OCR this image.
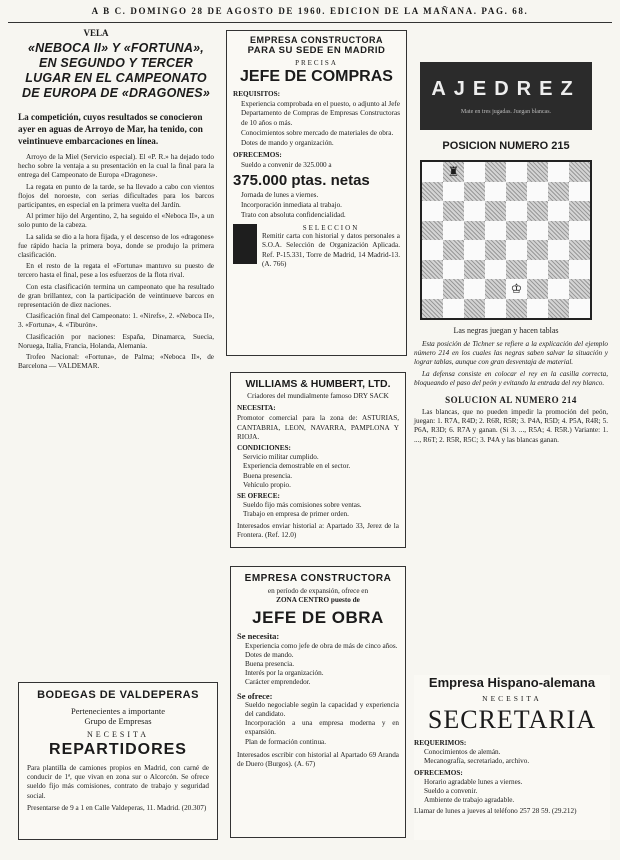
A B C. DOMINGO 28 DE AGOSTO DE 1960. EDICION DE LA MAÑANA. PAG. 68.
VELA
«NEBOCA II» Y «FORTUNA», EN SEGUNDO Y TERCER LUGAR EN EL CAMPEONATO DE EUROPA DE «DRAGONES»
La competición, cuyos resultados se conocieron ayer en aguas de Arroyo de Mar, ha tenido, con veintinueve embarcaciones en línea.

Arroyo de la Miel (Servicio especial). El «P. R.» ha dejado todo hecho sobre la ventaja a su presentación en la cual la final para la entrega del Campeonato de Europa «Dragones».

La regata en punto de la tarde, se ha llevado a cabo con vientos flojos del noroeste, con serias dificultades para los barcos participantes, en especial en la primera vuelta del Jardín.

Al primer hijo del Argentino, 2, ha seguido el «Neboca II», a un solo punto de la cabeza.

La salida se dio a la hora fijada, y el descenso de los «dragones» fue rápido hacia la primera boya, donde se produjo la primera clasificación.

En el resto de la regata el «Fortuna» mantuvo su puesto de tercero hasta el final, pese a los esfuerzos de la flota rival.

Con esta clasificación termina un campeonato que ha resultado de gran brillantez, con la participación de veintinueve barcos en representación de diez naciones.

Clasificación final del Campeonato: 1. «Nirefs», 2. «Neboca II», 3. «Fortuna», 4. «Tiburón».

Clasificación por naciones: España, Dinamarca, Suecia, Noruega, Italia, Francia, Holanda, Alemania.

Trofeo Nacional: «Fortuna», de Palma; «Neboca II», de Barcelona — VALDEMAR.

BODEGAS DE VALDEPERAS
Pertenecientes a importante
Grupo de Empresas
NECESITA
REPARTIDORES
Para plantilla de camiones propios en Madrid, con carné de conducir de 1ª, que vivan en zona sur o Alcorcón. Se ofrece sueldo fijo más comisiones, contrato de trabajo y seguridad social.
Presentarse de 9 a 1 en Calle Valdeperas, 11. Madrid. (20.307)
EMPRESA CONSTRUCTORA
PARA SU SEDE EN MADRID
PRECISA
JEFE DE COMPRAS
REQUISITOS:
Experiencia comprobada en el puesto, o adjunto al Jefe Departamento de Compras de Empresas Constructoras de 10 años o más.
Conocimientos sobre mercado de materiales de obra.
Dotes de mando y organización.
OFRECEMOS:
Sueldo a convenir de 325.000 a
375.000 ptas. netas
Jornada de lunes a viernes.
Incorporación inmediata al trabajo.
Trato con absoluta confidencialidad.
SELECCION
Remitir carta con historial y datos personales a S.O.A. Selección de Organización Aplicada. Ref. P-15.331, Torre de Madrid, 14 Madrid-13. (A. 766)
WILLIAMS & HUMBERT, LTD.
Criadores del mundialmente famoso DRY SACK
NECESITA:
Promotor comercial para la zona de: ASTURIAS, CANTABRIA, LEON, NAVARRA, PAMPLONA Y RIOJA.
CONDICIONES:
Servicio militar cumplido.
Experiencia demostrable en el sector.
Buena presencia.
Vehículo propio.
SE OFRECE:
Sueldo fijo más comisiones sobre ventas.
Trabajo en empresa de primer orden.
Interesados enviar historial a: Apartado 33, Jerez de la Frontera. (Ref. 12.0)
EMPRESA CONSTRUCTORA
en período de expansión, ofrece en
ZONA CENTRO puesto de
JEFE DE OBRA
Se necesita:
Experiencia como jefe de obra de más de cinco años.
Dotes de mando.
Buena presencia.
Interés por la organización.
Carácter emprendedor.
Se ofrece:
Sueldo negociable según la capacidad y experiencia del candidato.
Incorporación a una empresa moderna y en expansión.
Plan de formación continua.
Interesados escribir con historial al Apartado 69 Aranda de Duero (Burgos). (A. 67)
AJEDREZ
Mate en tres jugadas. Juegan blancas.
POSICION NUMERO 215
♜
♔
Las negras juegan y hacen tablas
Esta posición de Tichner se refiere a la explicación del ejemplo número 214 en los cuales las negras saben salvar la situación y lograr tablas, aunque con gran desventaja de material.
La defensa consiste en colocar el rey en la casilla correcta, bloqueando el paso del peón y evitando la entrada del rey blanco.
SOLUCION AL NUMERO 214
Las blancas, que no pueden impedir la promoción del peón, juegan: 1. R7A, R4D; 2. R6R, R5R; 3. P4A, R5D; 4. P5A, R4R; 5. P6A, R3D; 6. R7A y ganan. (Si 3. ..., R5A; 4. R5R.) Variante: 1. ..., R6T; 2. R5R, R5C; 3. P4A y las blancas ganan.
Empresa Hispano-alemana
NECESITA
SECRETARIA
REQUERIMOS:
Conocimientos de alemán.
Mecanografía, secretariado, archivo.
OFRECEMOS:
Horario agradable lunes a viernes.
Sueldo a convenir.
Ambiente de trabajo agradable.
Llamar de lunes a jueves al teléfono 257 28 59. (29.212)
